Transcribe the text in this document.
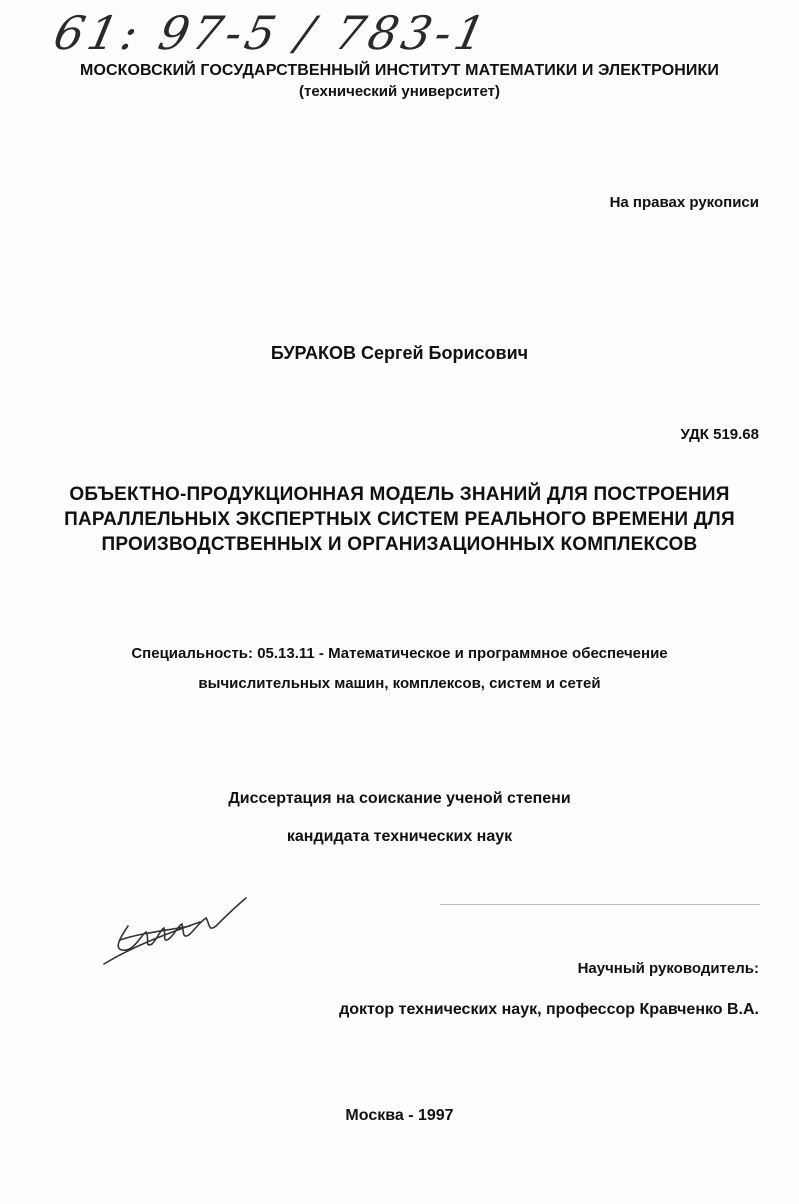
61: 97-5 / 783-1
МОСКОВСКИЙ ГОСУДАРСТВЕННЫЙ ИНСТИТУТ МАТЕМАТИКИ И ЭЛЕКТРОНИКИ
(технический университет)
На правах рукописи
БУРАКОВ Сергей Борисович
УДК 519.68
ОБЪЕКТНО-ПРОДУКЦИОННАЯ МОДЕЛЬ ЗНАНИЙ ДЛЯ ПОСТРОЕНИЯ
ПАРАЛЛЕЛЬНЫХ ЭКСПЕРТНЫХ СИСТЕМ РЕАЛЬНОГО ВРЕМЕНИ ДЛЯ
ПРОИЗВОДСТВЕННЫХ И ОРГАНИЗАЦИОННЫХ КОМПЛЕКСОВ
Специальность: 05.13.11 - Математическое и программное обеспечение
вычислительных машин, комплексов, систем и сетей
Диссертация на соискание ученой степени
кандидата технических наук
Научный руководитель:
доктор технических наук, профессор Кравченко В.А.
Москва - 1997
